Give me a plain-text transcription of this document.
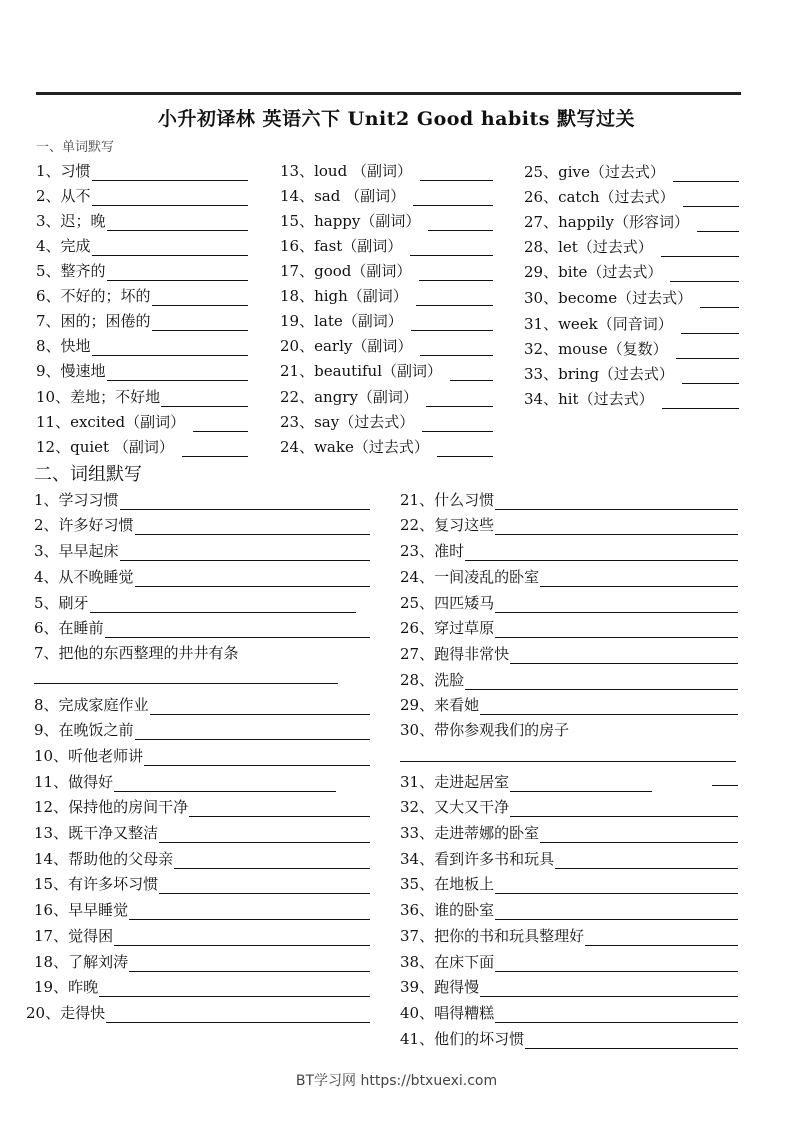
小升初译林 英语六下 Unit2 Good habits 默写过关
一、单词默写
二、词组默写
1、习惯
2、从不
3、迟；晚
4、完成
5、整齐的
6、不好的；坏的
7、困的；困倦的
8、快地
9、慢速地
10、差地；不好地
11、excited（副词）
12、quiet （副词）
13、loud （副词）
14、sad （副词）
15、happy（副词）
16、fast（副词）
17、good（副词）
18、high（副词）
19、late（副词）
20、early（副词）
21、beautiful（副词）
22、angry（副词）
23、say（过去式）
24、wake（过去式）
25、give（过去式）
26、catch（过去式）
27、happily（形容词）
28、let（过去式）
29、bite（过去式）
30、become（过去式）
31、week（同音词）
32、mouse（复数）
33、bring（过去式）
34、hit（过去式）
1、学习习惯
2、许多好习惯
3、早早起床
4、从不晚睡觉
5、刷牙
6、在睡前
7、把他的东西整理的井井有条
8、完成家庭作业
9、在晚饭之前
10、听他老师讲
11、做得好
12、保持他的房间干净
13、既干净又整洁
14、帮助他的父母亲
15、有许多坏习惯
16、早早睡觉
17、觉得困
18、了解刘涛
19、昨晚
20、走得快
21、什么习惯
22、复习这些
23、准时
24、一间凌乱的卧室
25、四匹矮马
26、穿过草原
27、跑得非常快
28、洗脸
29、来看她
30、带你参观我们的房子
31、走进起居室
32、又大又干净
33、走进蒂娜的卧室
34、看到许多书和玩具
35、在地板上
36、谁的卧室
37、把你的书和玩具整理好
38、在床下面
39、跑得慢
40、唱得糟糕
41、他们的坏习惯
BT学习网 https://btxuexi.com
